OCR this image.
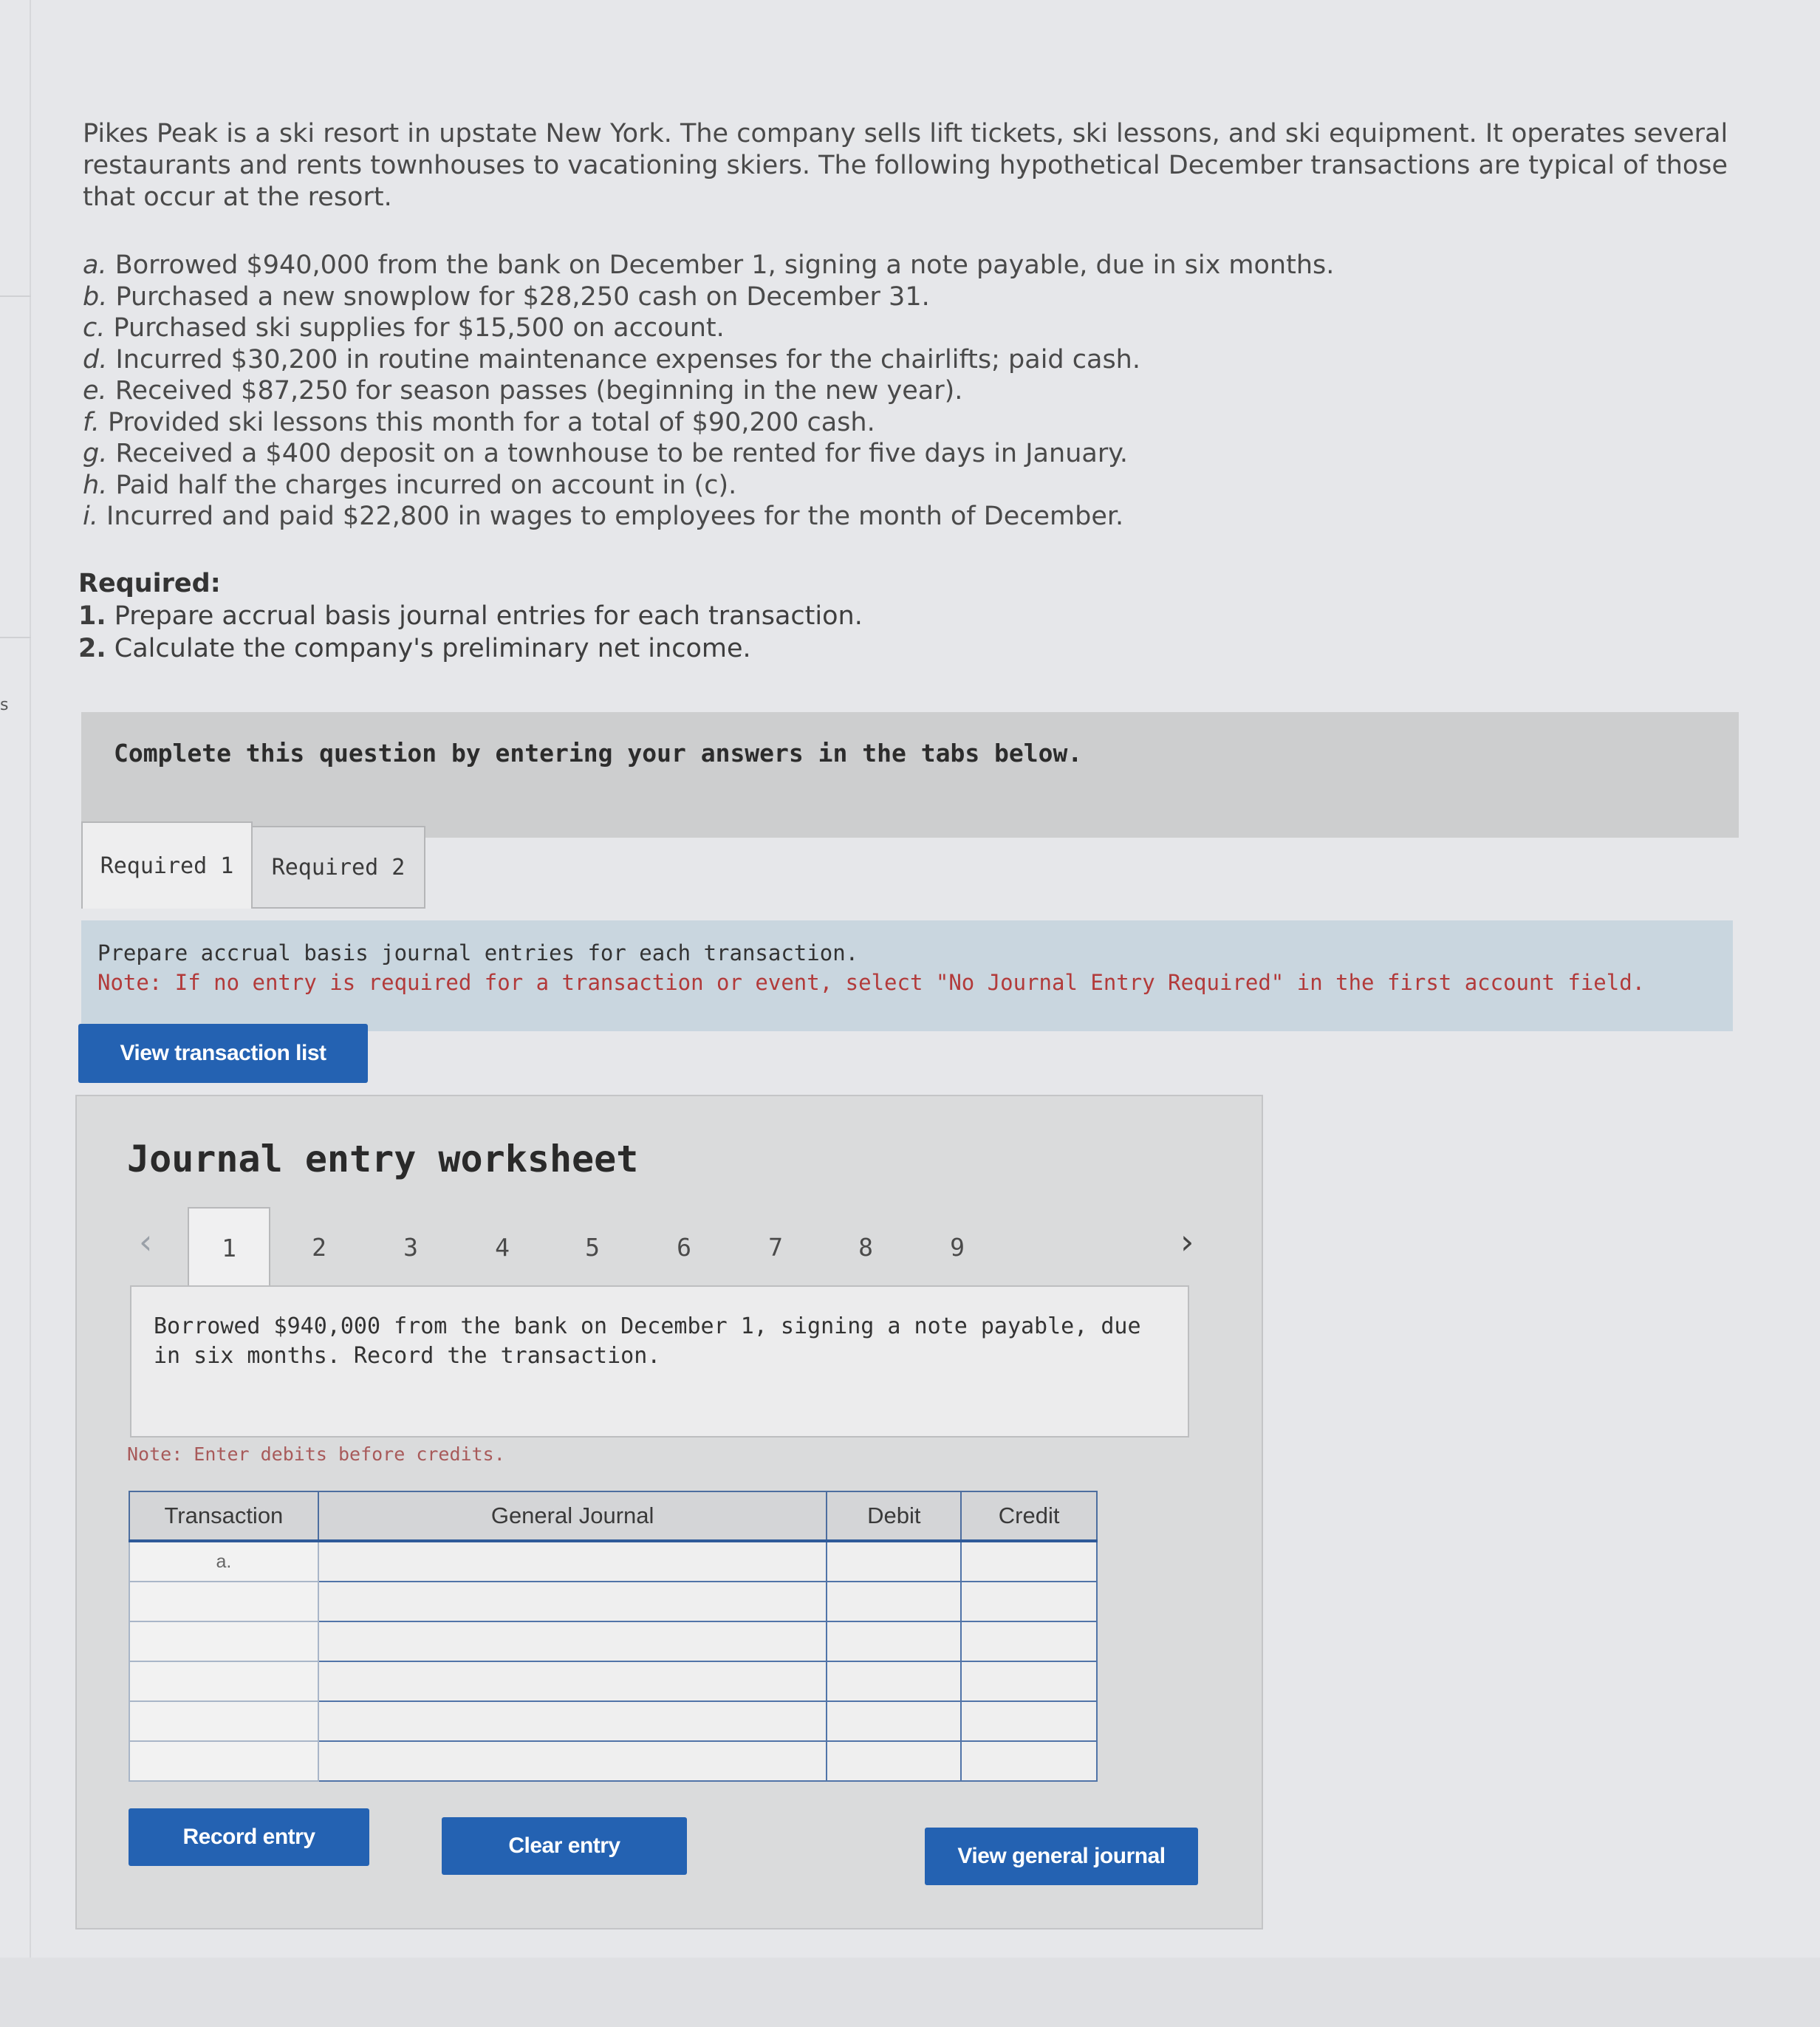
s
Pikes Peak is a ski resort in upstate New York. The company sells lift tickets, ski lessons, and ski equipment. It operates several restaurants and rents townhouses to vacationing skiers. The following hypothetical December transactions are typical of those that occur at the resort.
a. Borrowed $940,000 from the bank on December 1, signing a note payable, due in six months.
b. Purchased a new snowplow for $28,250 cash on December 31.
c. Purchased ski supplies for $15,500 on account.
d. Incurred $30,200 in routine maintenance expenses for the chairlifts; paid cash.
e. Received $87,250 for season passes (beginning in the new year).
f. Provided ski lessons this month for a total of $90,200 cash.
g. Received a $400 deposit on a townhouse to be rented for five days in January.
h. Paid half the charges incurred on account in (c).
i. Incurred and paid $22,800 in wages to employees for the month of December.
Required:
1. Prepare accrual basis journal entries for each transaction.
2. Calculate the company's preliminary net income.
Complete this question by entering your answers in the tabs below.
Required 1	Required 2
Prepare accrual basis journal entries for each transaction.
Note: If no entry is required for a transaction or event, select "No Journal Entry Required" in the first account field.
View transaction list
Journal entry worksheet
‹	1	2	3	4	5	6	7	8	9	›
Borrowed $940,000 from the bank on December 1, signing a note payable, due in six months. Record the transaction.
Note: Enter debits before credits.
Transaction	General Journal	Debit	Credit
a.			

Record entry	Clear entry	View general journal
